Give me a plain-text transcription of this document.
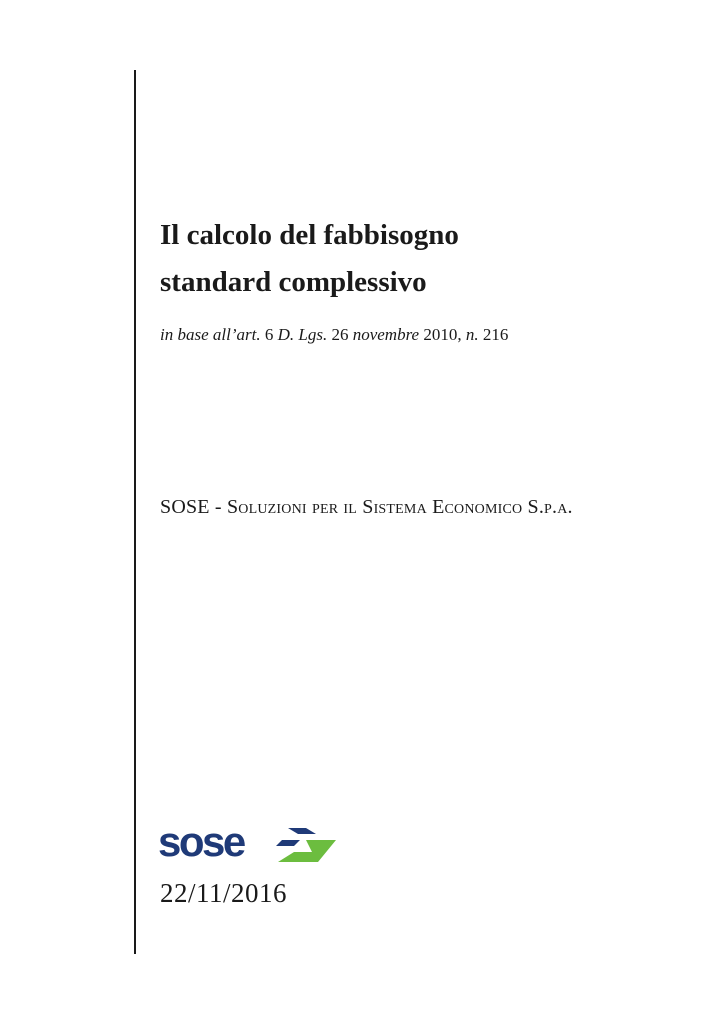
Il calcolo del fabbisogno
standard complessivo

in base all’art. 6 D. Lgs. 26 novembre 2010, n. 216

SOSE - Soluzioni per il Sistema Economico S.p.a.

sose

22/11/2016
